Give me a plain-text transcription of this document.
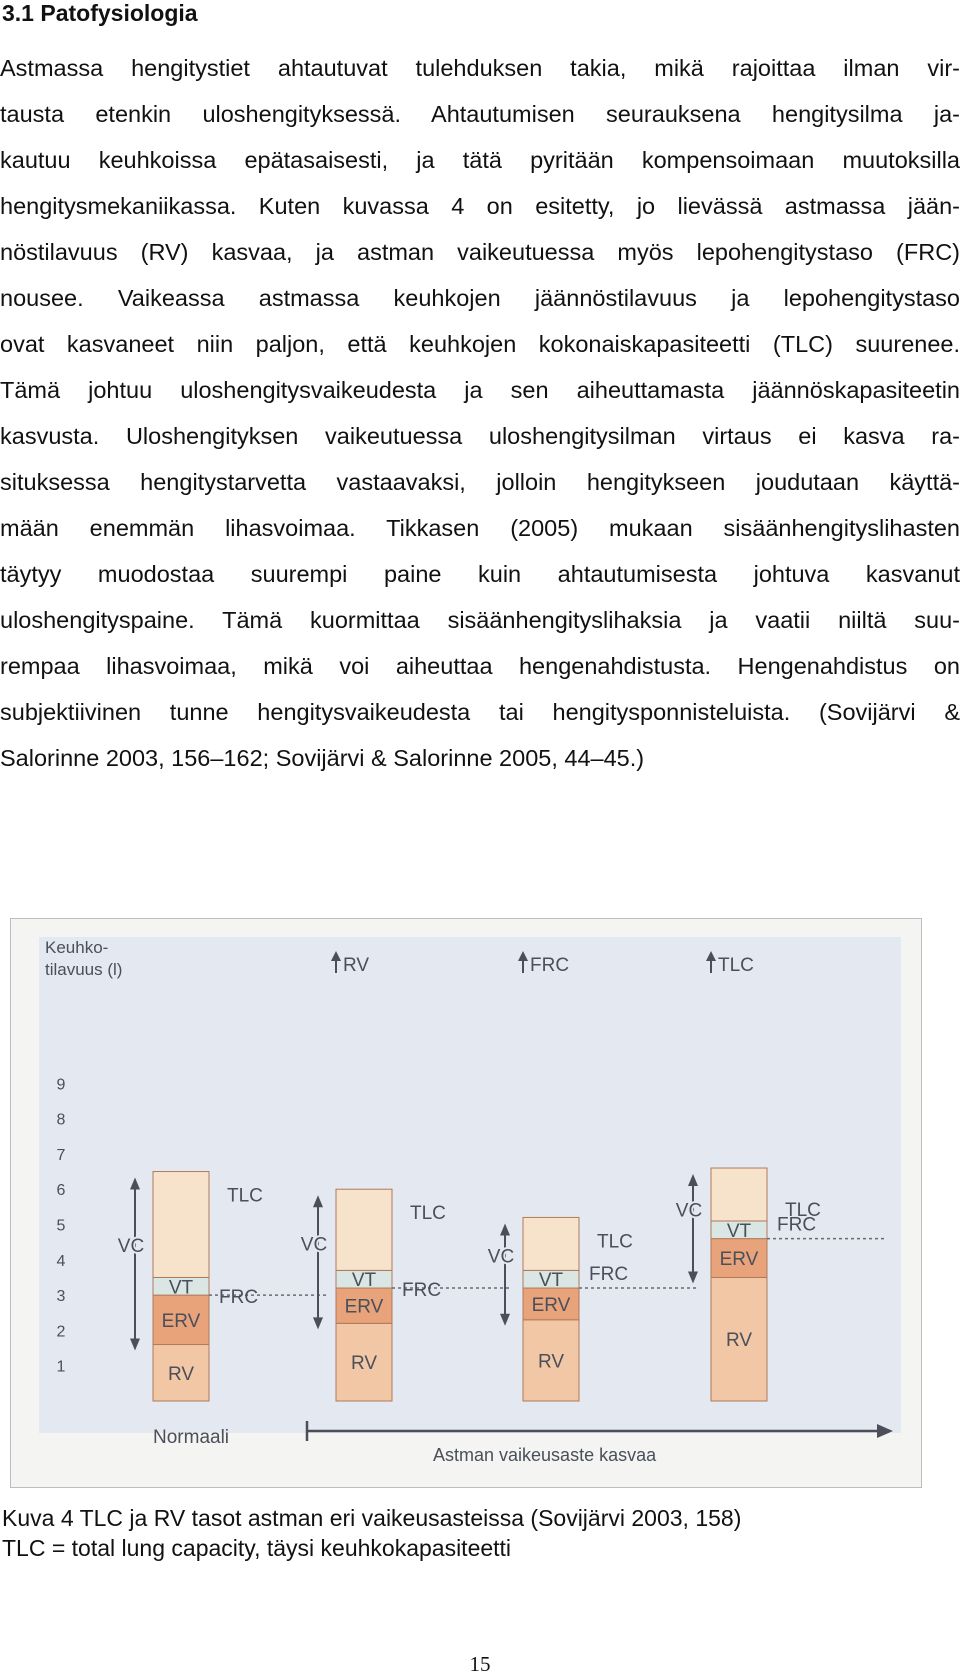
3.1 Patofysiologia
Astmassa hengitystiet ahtautuvat tulehduksen takia, mikä rajoittaa ilman vir-
tausta etenkin uloshengityksessä. Ahtautumisen seurauksena hengitysilma ja-
kautuu keuhkoissa epätasaisesti, ja tätä pyritään kompensoimaan muutoksilla
hengitysmekaniikassa. Kuten kuvassa 4 on esitetty, jo lievässä astmassa jään-
nöstilavuus (RV) kasvaa, ja astman vaikeutuessa myös lepohengitystaso (FRC)
nousee. Vaikeassa astmassa keuhkojen jäännöstilavuus ja lepohengitystaso
ovat kasvaneet niin paljon, että keuhkojen kokonaiskapasiteetti (TLC) suurenee.
Tämä johtuu uloshengitysvaikeudesta ja sen aiheuttamasta jäännöskapasiteetin
kasvusta. Uloshengityksen vaikeutuessa uloshengitysilman virtaus ei kasva ra-
situksessa hengitystarvetta vastaavaksi, jolloin hengitykseen joudutaan käyttä-
mään enemmän lihasvoimaa. Tikkasen (2005) mukaan sisäänhengityslihasten
täytyy muodostaa suurempi paine kuin ahtautumisesta johtuva kasvanut
uloshengityspaine. Tämä kuormittaa sisäänhengityslihaksia ja vaatii niiltä suu-
rempaa lihasvoimaa, mikä voi aiheuttaa hengenahdistusta. Hengenahdistus on
subjektiivinen tunne hengitysvaikeudesta tai hengitysponnisteluista. (Sovijärvi &
Salorinne 2003, 156–162; Sovijärvi & Salorinne 2005, 44–45.)
Keuhko-
tilavuus (l)
1
2
3
4
5
6
7
8
9
RV
ERV
VT
RV
ERV
VT
RV
ERV
VT
RV
ERV
VT
TLC
FRC
VC
TLC
FRC
VC
RV
TLC
FRC
VC
FRC
TLC
FRC
VC
TLC
Normaali
Astman vaikeusaste kasvaa
Kuva 4 TLC ja RV tasot astman eri vaikeusasteissa (Sovijärvi 2003, 158)
TLC = total lung capacity, täysi keuhkokapasiteetti
15
